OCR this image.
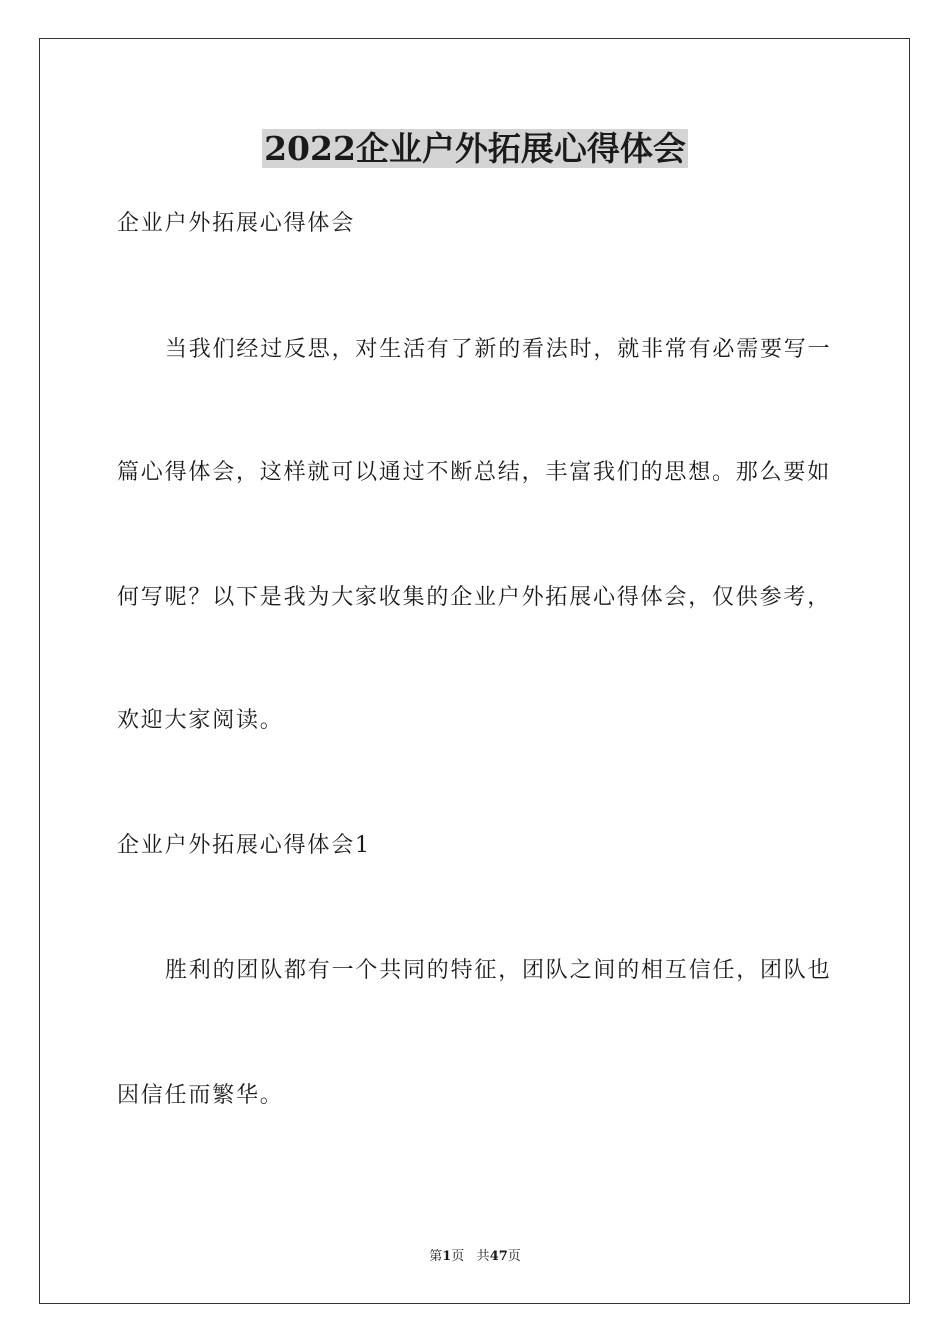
2022企业户外拓展心得体会
企业户外拓展心得体会
当我们经过反思，对生活有了新的看法时，就非常有必需要写一
篇心得体会，这样就可以通过不断总结，丰富我们的思想。那么要如
何写呢？以下是我为大家收集的企业户外拓展心得体会，仅供参考，
欢迎大家阅读。
企业户外拓展心得体会1
胜利的团队都有一个共同的特征，团队之间的相互信任，团队也
因信任而繁华。
第1页 共47页
